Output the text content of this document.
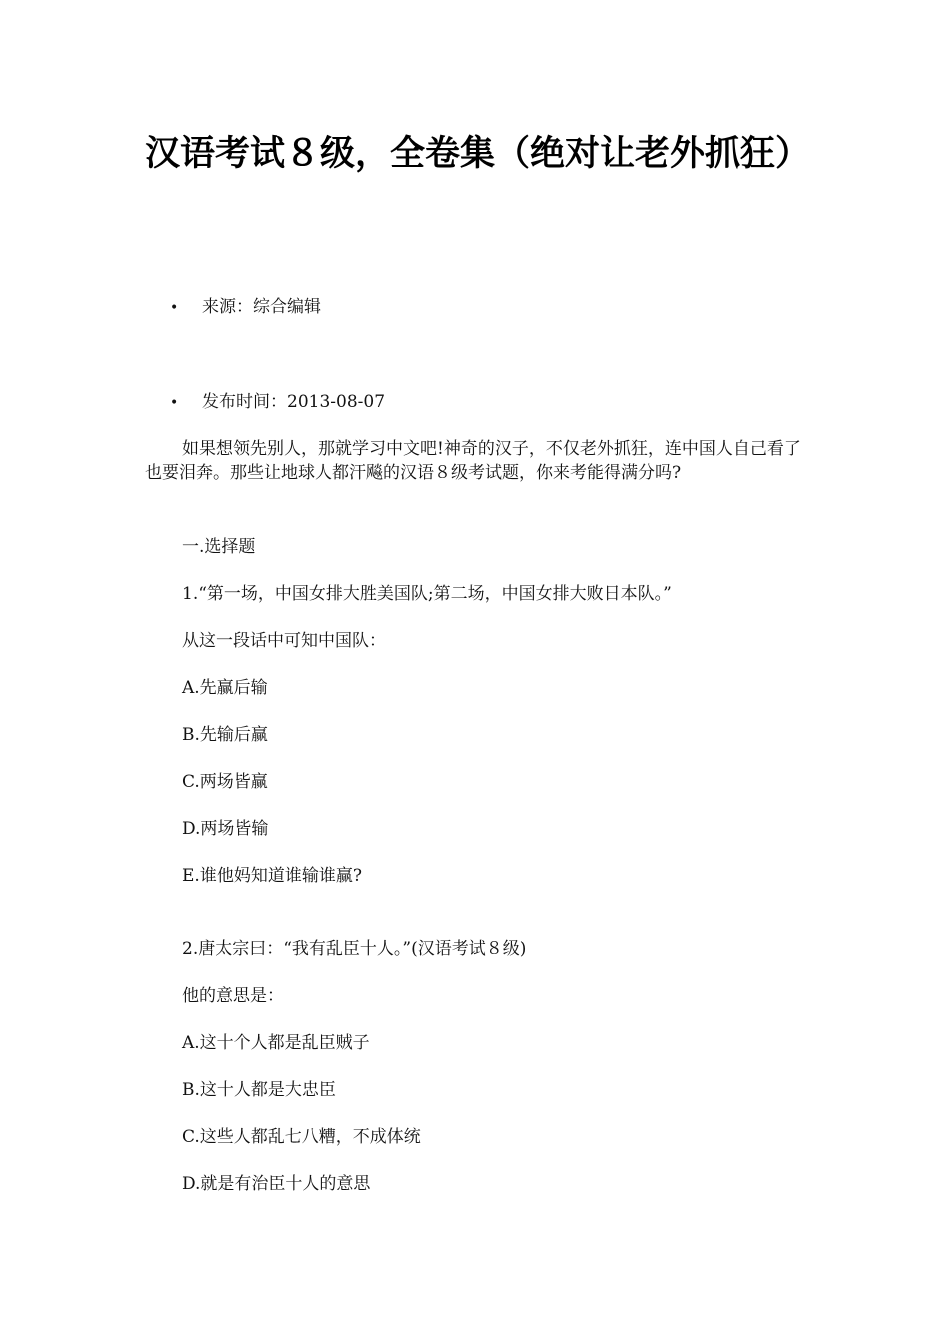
汉语考试８级，全卷集（绝对让老外抓狂）
• 来源：综合编辑
• 发布时间：2013-08-07

如果想领先别人，那就学习中文吧!神奇的汉子，不仅老外抓狂，连中国人自己看了也要泪奔。那些让地球人都汗飚的汉语８级考试题，你来考能得满分吗?

一.选择题
1.“第一场，中国女排大胜美国队;第二场，中国女排大败日本队。”
从这一段话中可知中国队：
A.先赢后输
B.先输后赢
C.两场皆赢
D.两场皆输
E.谁他妈知道谁输谁赢?
2.唐太宗曰：“我有乱臣十人。”(汉语考试８级)
他的意思是：
A.这十个人都是乱臣贼子
B.这十人都是大忠臣
C.这些人都乱七八糟，不成体统
D.就是有治臣十人的意思
